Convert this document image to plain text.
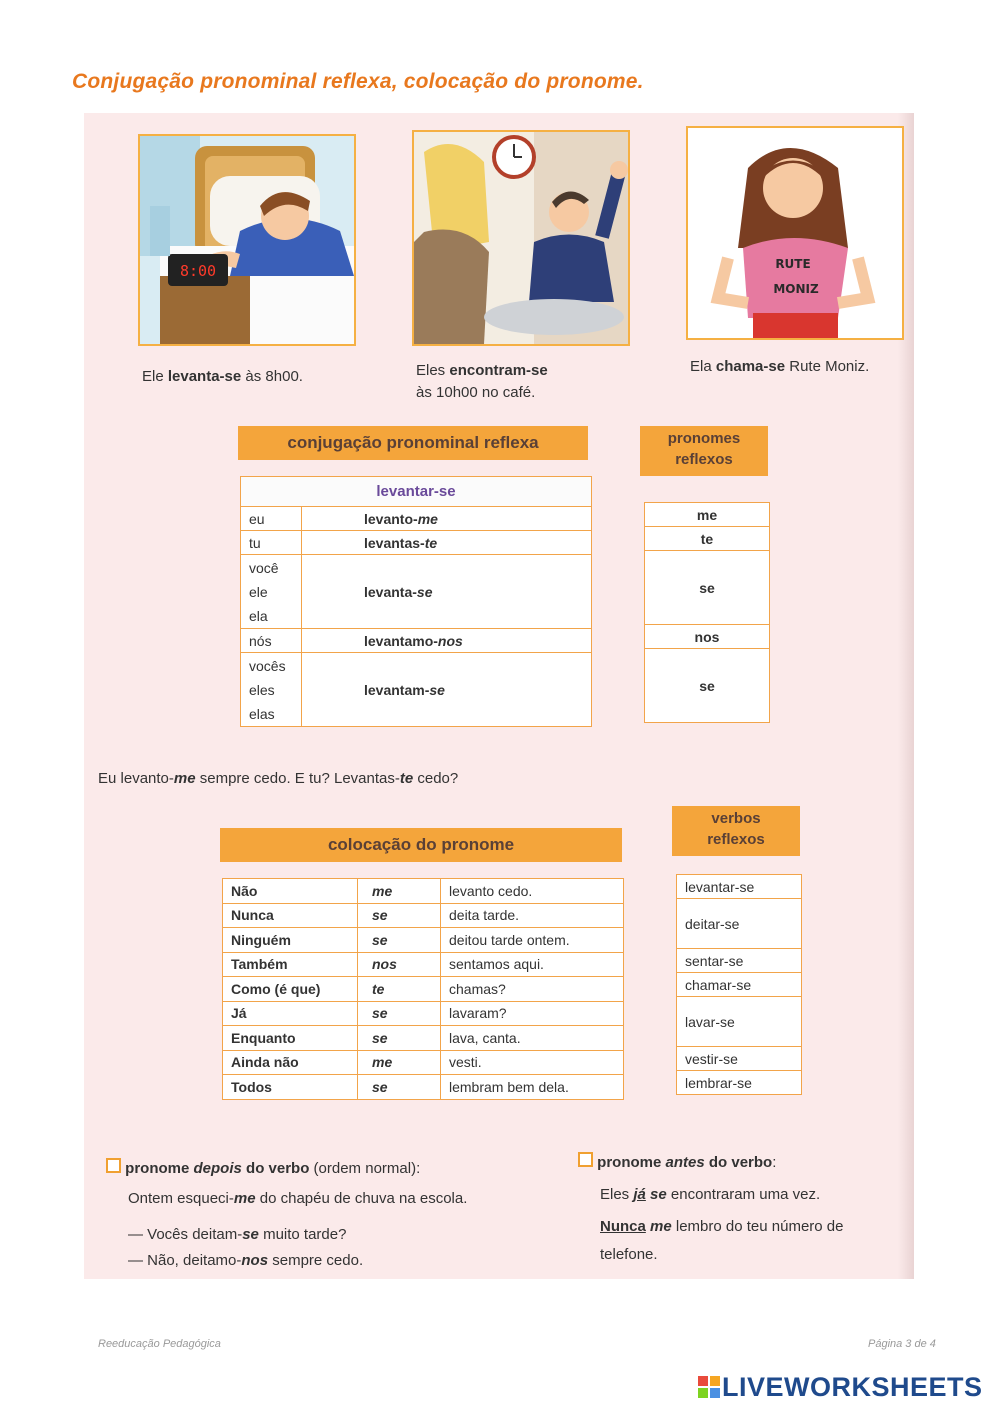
Conjugação pronominal reflexa, colocação do pronome.
8:00	RUTE
MONIZ
Ele levanta-se às 8h00.	Eles encontram-se
às 10h00 no café.
Ela chama-se Rute Moniz.
conjugação pronominal reflexa
levantar-se	
eu	levanto-me
tu	levantas-te
você
ele
ela	levanta-se
nós	levantamo-nos
vocês
eles
elas	levantam-se
pronomes
reflexos
me
te
se
nos
se
Eu levanto-me sempre cedo. E tu? Levantas-te cedo?
colocação do pronome
Não	me	levanto cedo.
Nunca	se	deita tarde.
Ninguém	se	deitou tarde ontem.
Também	nos	sentamos aqui.
Como (é que)	te	chamas?
Já	se	lavaram?
Enquanto	se	lava, canta.
Ainda não	me	vesti.
Todos	se	lembram bem dela.
verbos
reflexos
levantar-se
deitar-se
sentar-se
chamar-se
lavar-se
vestir-se
lembrar-se
pronome depois do verbo (ordem normal):
Ontem esqueci-me do chapéu de chuva na escola.
— Vocês deitam-se muito tarde?
— Não, deitamo-nos sempre cedo.
pronome antes do verbo:
Eles já se encontraram uma vez.
Nunca me lembro do teu número de
telefone.
Reeducação Pedagógica	Página 3 de 4
LIVEWORKSHEETS
